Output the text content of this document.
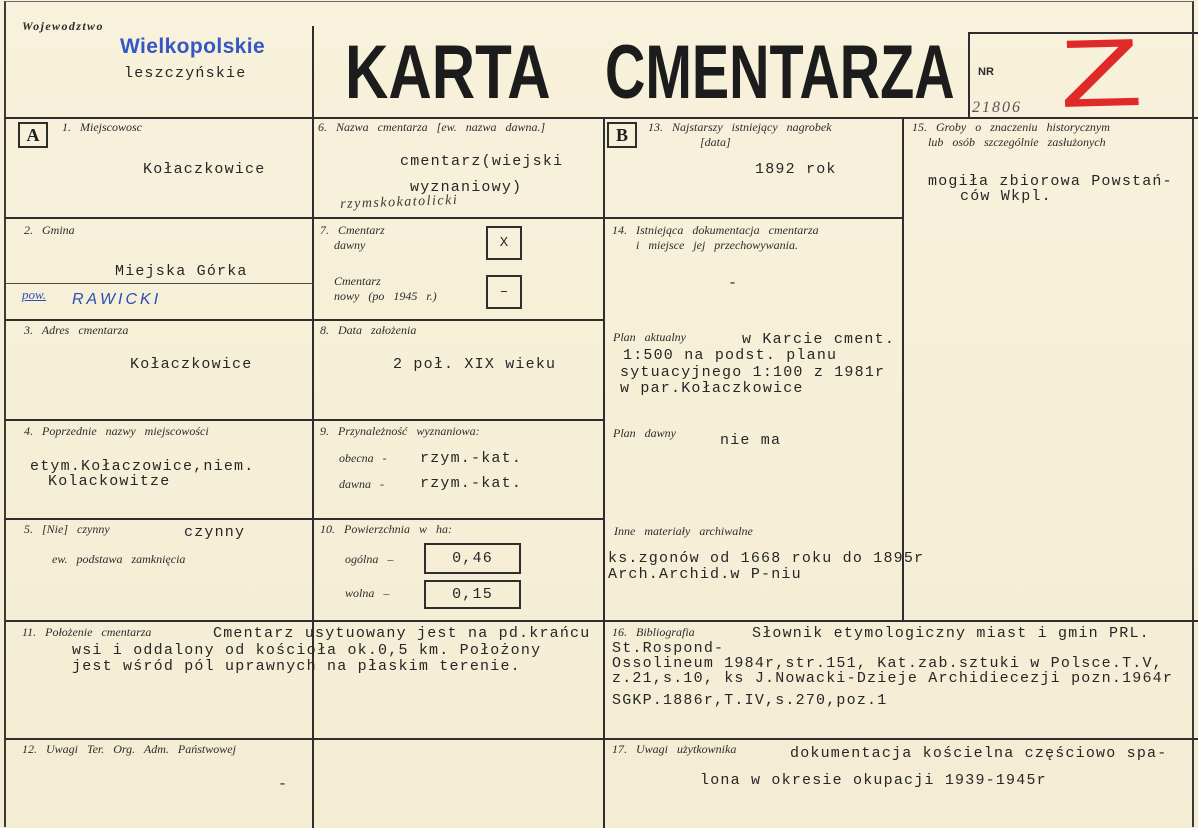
Wojewodztwo
Wielkopolskie
leszczyńskie KARTA CMENTARZA NR Z
21806
A	B
1. Miejscowosc
Kołaczkowice
6. Nazwa cmentarza [ew. nazwa dawna.]
cmentarz(wiejski
wyznaniowy)
rzymskokatolicki
13. Najstarszy istniejący nagrobek
[data]
1892 rok
15. Groby o znaczeniu historycznym
lub osób szczególnie zasłużonych
mogiła zbiorowa Powstań-
ców Wkpl.
2. Gmina
Miejska Górka
pow. RAWICKI
7. Cmentarz
dawny	X
Cmentarz
nowy (po 1945 r.)	–
14. Istniejąca dokumentacja cmentarza
i miejsce jej przechowywania.
-
Plan aktualny	w Karcie cment.
1:500 na podst. planu
sytuacyjnego 1:100 z 1981r
w par.Kołaczkowice
Plan dawny	nie ma
Inne materiały archiwalne
ks.zgonów od 1668 roku do 1895r
Arch.Archid.w P-niu
3. Adres cmentarza
Kołaczkowice
8. Data założenia
2 poł. XIX wieku
4. Poprzednie nazwy miejscowości
etym.Kołaczowice,niem.
Kolackowitze
9. Przynależność wyznaniowa:
obecna - rzym.-kat.
dawna - rzym.-kat.
5. [Nie] czynny	czynny
ew. podstawa zamknięcia
10. Powierzchnia w ha:
ogólna –	0,46
wolna –	0,15
11. Położenie cmentarza	Cmentarz usytuowany jest na pd.krańcu
wsi i oddalony od kościoła ok.0,5 km. Położony
jest wśród pól uprawnych na płaskim terenie.
16. Bibliografia	Słownik etymologiczny miast i gmin PRL.
St.Rospond-
Ossolineum 1984r,str.151, Kat.zab.sztuki w Polsce.T.V,
z.21,s.10, ks J.Nowacki-Dzieje Archidiecezji pozn.1964r
SGKP.1886r,T.IV,s.270,poz.1
12. Uwagi Ter. Org. Adm. Państwowej
-
17. Uwagi użytkownika	dokumentacja kościelna częściowo spa-
lona w okresie okupacji 1939-1945r
